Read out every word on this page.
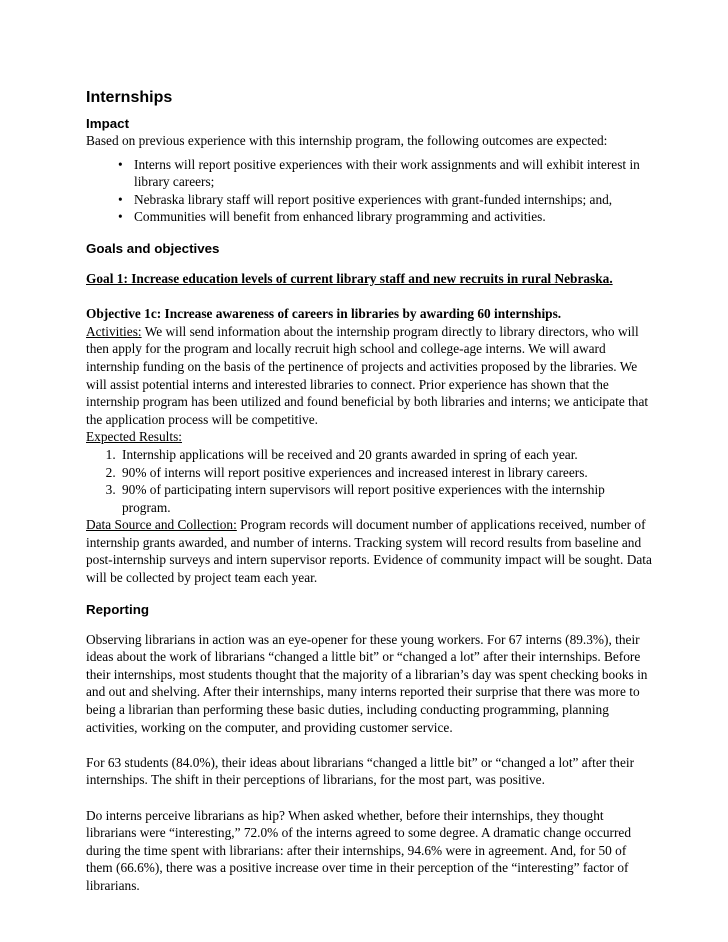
Internships
Impact

Based on previous experience with this internship program, the following outcomes are expected:

• Interns will report positive experiences with their work assignments and will exhibit interest in library careers;
• Nebraska library staff will report positive experiences with grant-funded internships; and,
• Communities will benefit from enhanced library programming and activities.
Goals and objectives

Goal 1: Increase education levels of current library staff and new recruits in rural Nebraska.

Objective 1c: Increase awareness of careers in libraries by awarding 60 internships.

Activities: We will send information about the internship program directly to library directors, who will then apply for the program and locally recruit high school and college-age interns. We will award internship funding on the basis of the pertinence of projects and activities proposed by the libraries. We will assist potential interns and interested libraries to connect. Prior experience has shown that the internship program has been utilized and found beneficial by both libraries and interns; we anticipate that the application process will be competitive.

Expected Results:

1. Internship applications will be received and 20 grants awarded in spring of each year.
2. 90% of interns will report positive experiences and increased interest in library careers.
3. 90% of participating intern supervisors will report positive experiences with the internship program.

Data Source and Collection: Program records will document number of applications received, number of internship grants awarded, and number of interns. Tracking system will record results from baseline and post-internship surveys and intern supervisor reports. Evidence of community impact will be sought. Data will be collected by project team each year.

Reporting

Observing librarians in action was an eye-opener for these young workers. For 67 interns (89.3%), their ideas about the work of librarians “changed a little bit” or “changed a lot” after their internships. Before their internships, most students thought that the majority of a librarian’s day was spent checking books in and out and shelving. After their internships, many interns reported their surprise that there was more to being a librarian than performing these basic duties, including conducting programming, planning activities, working on the computer, and providing customer service.

For 63 students (84.0%), their ideas about librarians “changed a little bit” or “changed a lot” after their internships. The shift in their perceptions of librarians, for the most part, was positive.

Do interns perceive librarians as hip? When asked whether, before their internships, they thought librarians were “interesting,” 72.0% of the interns agreed to some degree. A dramatic change occurred during the time spent with librarians: after their internships, 94.6% were in agreement. And, for 50 of them (66.6%), there was a positive increase over time in their perception of the “interesting” factor of librarians.
